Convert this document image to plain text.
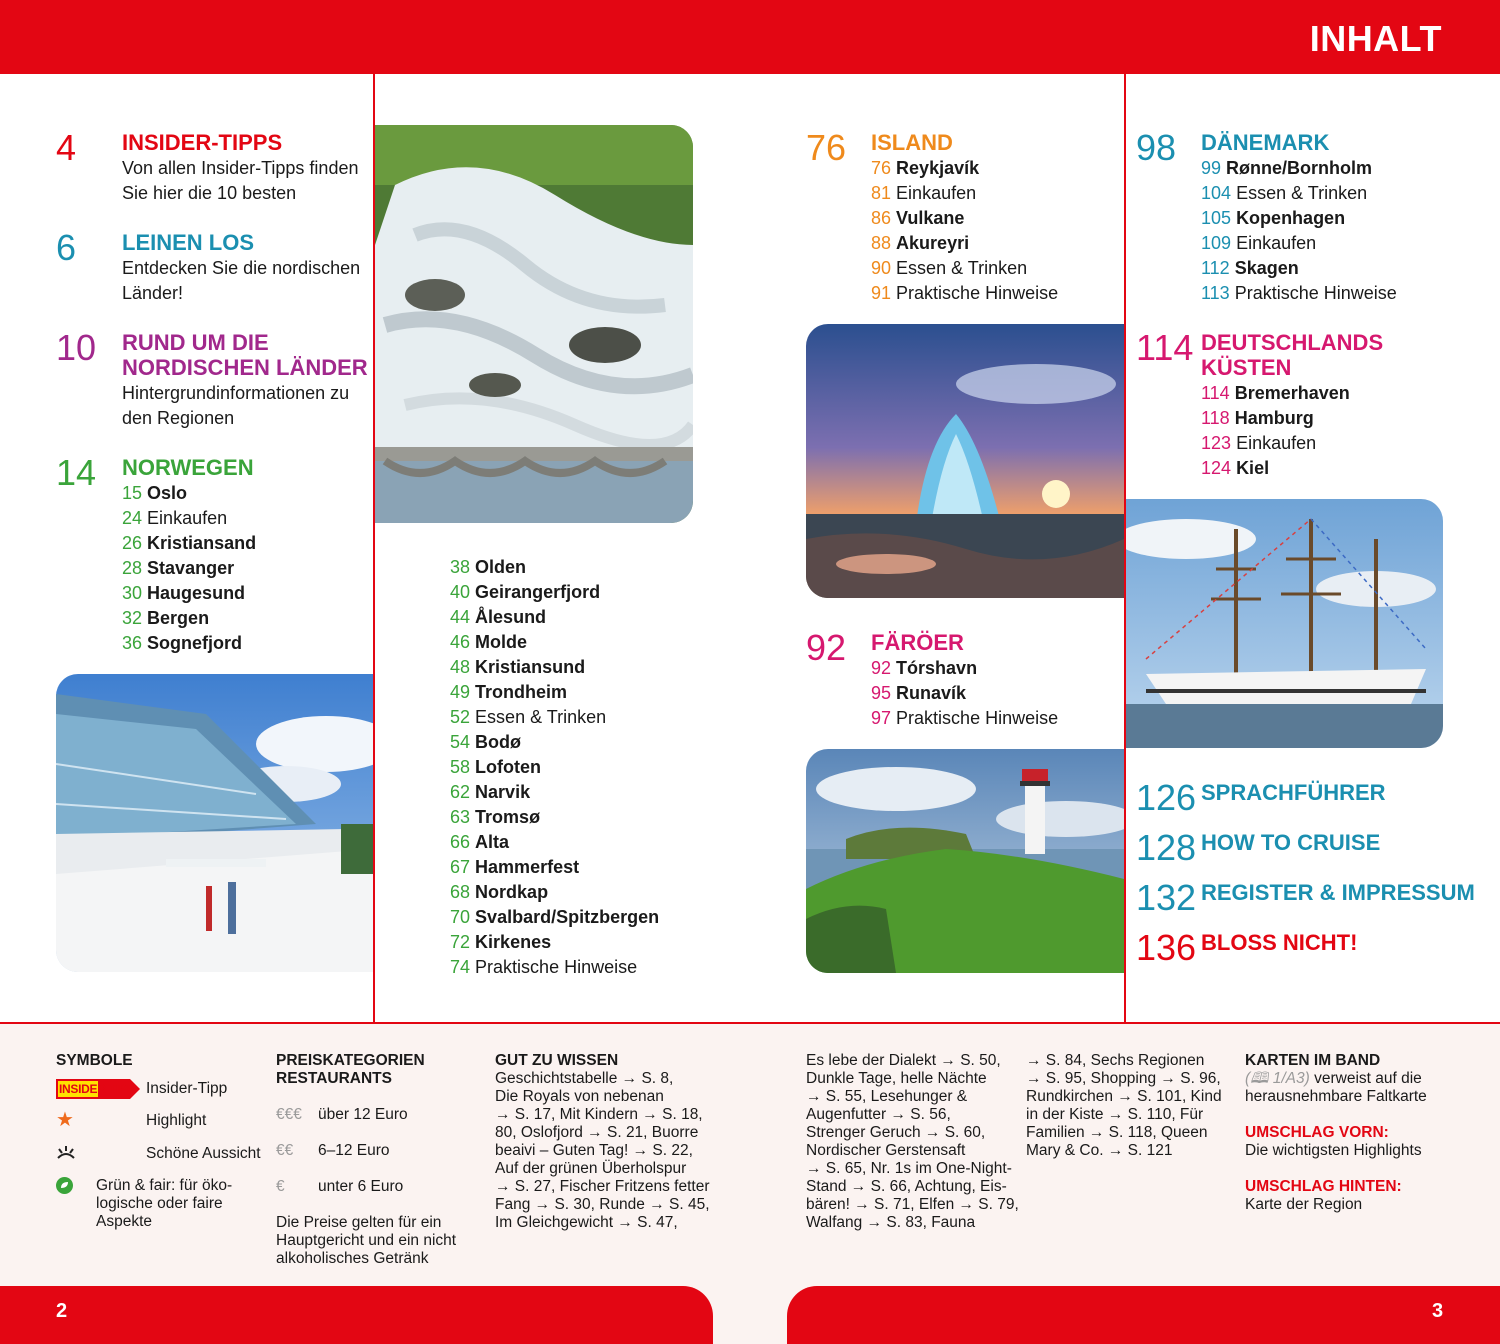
INHALT
4 INSIDER-TIPPS
Von allen Insider-Tipps finden
Sie hier die 10 besten
6 LEINEN LOS
Entdecken Sie die nordischen
Länder!
10 RUND UM DIE
NORDISCHEN LÄNDER
Hintergrundinformationen zu
den Regionen
14 NORWEGEN
15 Oslo
24 Einkaufen
26 Kristiansand
28 Stavanger
30 Haugesund
32 Bergen
36 Sognefjord
38 Olden
40 Geirangerfjord
44 Ålesund
46 Molde
48 Kristiansund
49 Trondheim
52 Essen & Trinken
54 Bodø
58 Lofoten
62 Narvik
63 Tromsø
66 Alta
67 Hammerfest
68 Nordkap
70 Svalbard/Spitzbergen
72 Kirkenes
74 Praktische Hinweise
76 ISLAND
76 Reykjavík
81 Einkaufen
86 Vulkane
88 Akureyri
90 Essen & Trinken
91 Praktische Hinweise
92 FÄRÖER
92 Tórshavn
95 Runavík
97 Praktische Hinweise
98 DÄNEMARK
99 Rønne/Bornholm
104 Essen & Trinken
105 Kopenhagen
109 Einkaufen
112 Skagen
113 Praktische Hinweise
114 DEUTSCHLANDS
KÜSTEN
114 Bremerhaven
118 Hamburg
123 Einkaufen
124 Kiel
126 SPRACHFÜHRER
128 HOW TO CRUISE
132 REGISTER & IMPRESSUM
136 BLOSS NICHT!
SYMBOLE
INSIDER TIPP Insider-Tipp
★	Highlight
Schöne Aussicht
Grün & fair: für öko-
logische oder faire
Aspekte
PREISKATEGORIEN
RESTAURANTS
€€€ über 12 Euro
€€ 6–12 Euro
€ unter 6 Euro
Die Preise gelten für ein
Hauptgericht und ein nicht
alkoholisches Getränk
GUT ZU WISSEN
Geschichtstabelle → S. 8,
Die Royals von nebenan
→ S. 17, Mit Kindern → S. 18,
80, Oslofjord → S. 21, Buorre
beaivi – Guten Tag! → S. 22,
Auf der grünen Überholspur
→ S. 27, Fischer Fritzens fetter
Fang → S. 30, Runde → S. 45,
Im Gleichgewicht → S. 47,
Es lebe der Dialekt → S. 50,
Dunkle Tage, helle Nächte
→ S. 55, Lesehunger &
Augenfutter → S. 56,
Strenger Geruch → S. 60,
Nordischer Gerstensaft
→ S. 65, Nr. 1s im One-Night-
Stand → S. 66, Achtung, Eis-
bären! → S. 71, Elfen → S. 79,
Walfang → S. 83, Fauna
→ S. 84, Sechs Regionen
→ S. 95, Shopping → S. 96,
Rundkirchen → S. 101, Kind
in der Kiste → S. 110, Für
Familien → S. 118, Queen
Mary & Co. → S. 121
KARTEN IM BAND
(🕮 1/A3) verweist auf die
herausnehmbare Faltkarte
UMSCHLAG VORN:
Die wichtigsten Highlights
UMSCHLAG HINTEN:
Karte der Region
2	3
